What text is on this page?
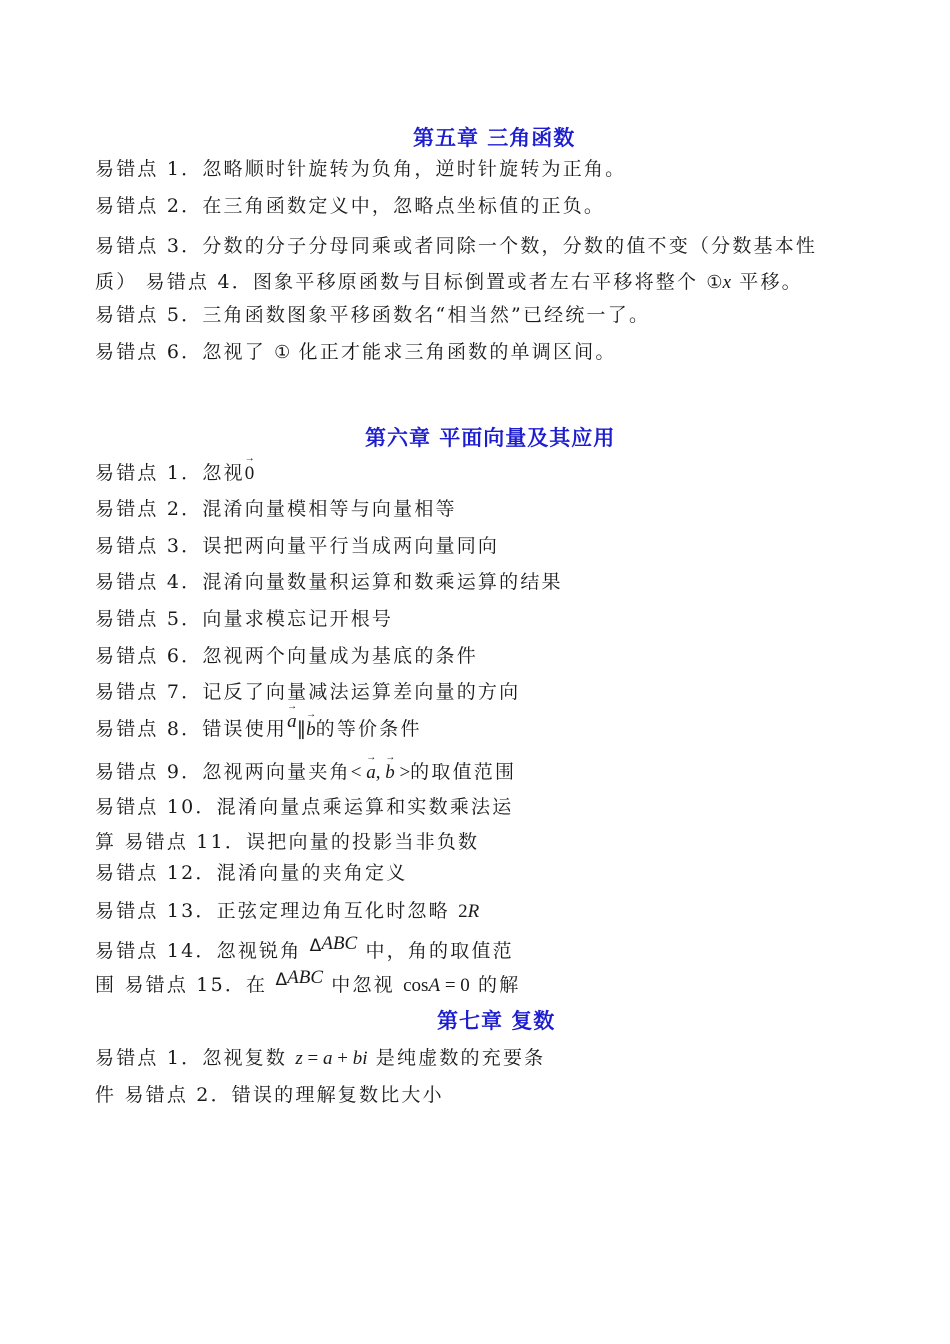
第五章 三角函数
易错点 1．忽略顺时针旋转为负角，逆时针旋转为正角。
易错点 2．在三角函数定义中，忽略点坐标值的正负。
易错点 3．分数的分子分母同乘或者同除一个数，分数的值不变（分数基本性
质） 易错点 4．图象平移原函数与目标倒置或者左右平移将整个 ①x 平移。
易错点 5．三角函数图象平移函数名“相当然”已经统一了。
易错点 6．忽视了 ① 化正才能求三角函数的单调区间。
第六章 平面向量及其应用
易错点 1．忽视→ 0
易错点 2．混淆向量模相等与向量相等
易错点 3．误把两向量平行当成两向量同向
易错点 4．混淆向量数量积运算和数乘运算的结果
易错点 5．向量求模忘记开根号
易错点 6．忽视两个向量成为基底的条件
易错点 7．记反了向量减法运算差向量的方向
易错点 8．错误使用→ a∥→ b的等价条件
易错点 9．忽视两向量夹角< → a, → b >的取值范围
易错点 10．混淆向量点乘运算和实数乘法运
算 易错点 11．误把向量的投影当非负数
易错点 12．混淆向量的夹角定义
易错点 13．正弦定理边角互化时忽略 2R
易错点 14．忽视锐角 ΔABC 中，角的取值范
围 易错点 15．在 ΔABC 中忽视 cosA = 0 的解
第七章 复数
易错点 1．忽视复数 z = a + bi 是纯虚数的充要条
件 易错点 2．错误的理解复数比大小
